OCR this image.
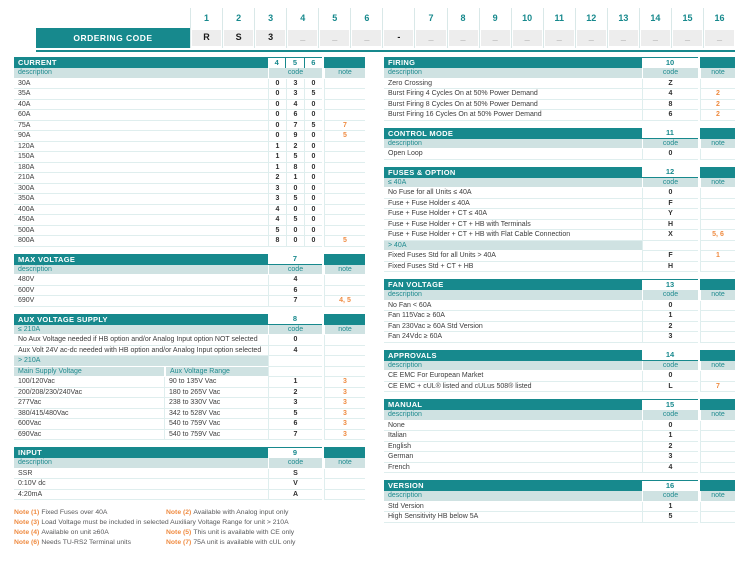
1	2	3	4	5	6	7	8	9	10	11	12	13	14	15	16
ORDERING CODE	R	S	3	_	_	_	-	_	_	_	_	_	_	_	_	_	_
CURRENT	4	5	6
description	code	note
30A	0	3	0
35A	0	3	5
40A	0	4	0
60A	0	6	0
75A	0	7	5	7
90A	0	9	0	5
120A	1	2	0
150A	1	5	0
180A	1	8	0
210A	2	1	0
300A	3	0	0
350A	3	5	0
400A	4	0	0
450A	4	5	0
500A	5	0	0
800A	8	0	0	5
MAX VOLTAGE	7
description	code	note
480V	4
600V	6
690V	7	4, 5
AUX VOLTAGE SUPPLY	8
≤ 210A	code	note
No Aux Voltage needed if HB option and/or Analog Input option NOT selected	0
Aux Volt 24V ac-dc needed with HB option and/or Analog Input option selected	4
> 210A
Main Supply Voltage	Aux Voltage Range
100/120Vac	90 to 135V Vac	1	3
200/208/230/240Vac	180 to 265V Vac	2	3
277Vac	238 to 330V Vac	3	3
380/415/480Vac	342 to 528V Vac	5	3
600Vac	540 to 759V Vac	6	3
690Vac	540 to 759V Vac	7	3
INPUT	9
description	code	note
SSR	S
0:10V dc	V
4:20mA	A
Note (1) Fixed Fuses over 40A	Note (2) Available with Analog input only
Note (3) Load Voltage must be included in selected Auxiliary Voltage Range for unit > 210A
Note (4) Available on unit ≥60A	Note (5) This unit is available with CE only
Note (6) Needs TU-RS2 Terminal units	Note (7) 75A unit is available with cUL only
FIRING	10
description	code	note
Zero Crossing	Z
Burst Firing 4 Cycles On at 50% Power Demand	4	2
Burst Firing 8 Cycles On at 50% Power Demand	8	2
Burst Firing 16 Cycles On at 50% Power Demand	6	2
CONTROL MODE	11
description	code	note
Open Loop	0
FUSES & OPTION	12
≤ 40A	code	note
No Fuse for all Units ≤ 40A	0
Fuse + Fuse Holder ≤ 40A	F
Fuse + Fuse Holder + CT ≤ 40A	Y
Fuse + Fuse Holder + CT + HB with Terminals	H
Fuse + Fuse Holder + CT + HB with Flat Cable Connection	X	5, 6
> 40A
Fixed Fuses Std for all Units > 40A	F	1
Fixed Fuses Std + CT + HB	H
FAN VOLTAGE	13
description	code	note
No Fan < 60A	0
Fan 115Vac ≥ 60A	1
Fan 230Vac ≥ 60A Std Version	2
Fan 24Vdc ≥ 60A	3
APPROVALS	14
description	code	note
CE EMC For European Market	0
CE EMC + cUL® listed and cULus 508® listed	L	7
MANUAL	15
description	code	note
None	0
Italian	1
English	2
German	3
French	4
VERSION	16
description	code	note
Std Version	1
High Sensitivity HB below 5A	5
